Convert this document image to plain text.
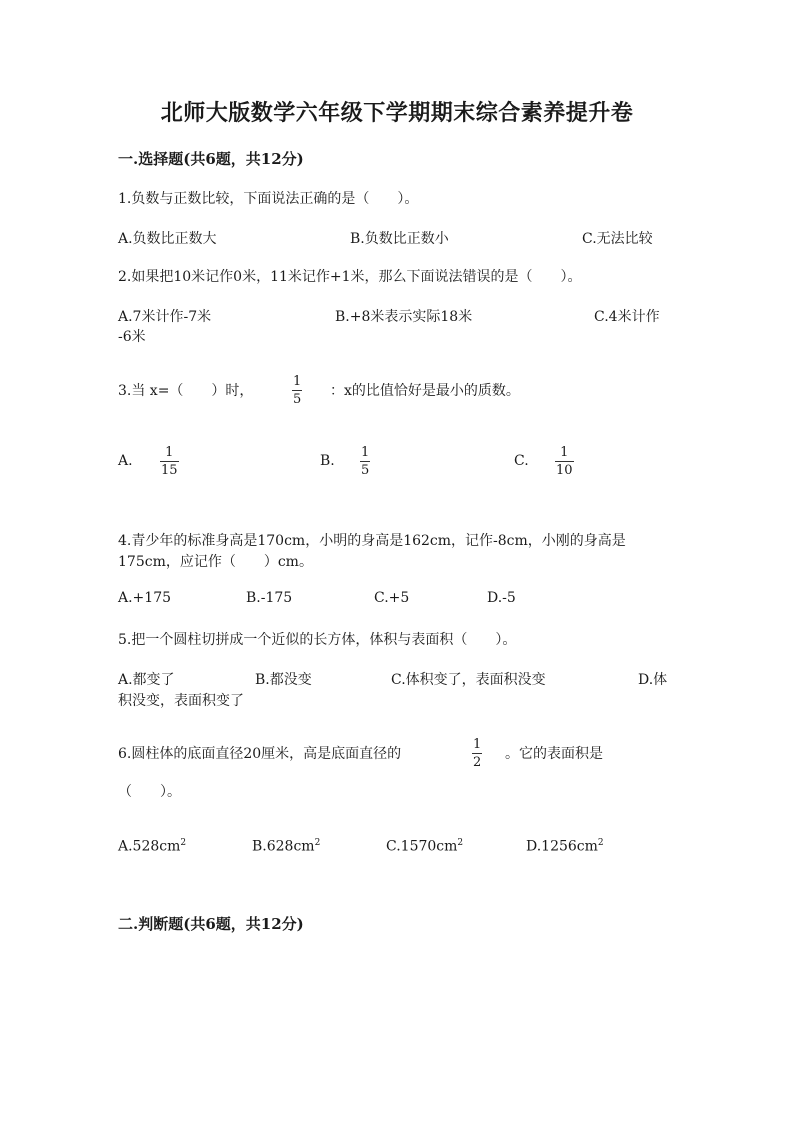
北师大版数学六年级下学期期末综合素养提升卷
一.选择题(共6题，共12分)
1.负数与正数比较，下面说法正确的是（　　）。
A.负数比正数大	B.负数比正数小	C.无法比较
2.如果把10米记作0米，11米记作+1米，那么下面说法错误的是（　　）。
A.7米计作-7米	B.+8米表示实际18米	C.4米计作
-6米
3.当 x=（　　）时，
1
5
：x的比值恰好是最小的质数。
A.
1
15
B.
1
5
C.
1
10
4.青少年的标准身高是170cm，小明的身高是162cm，记作-8cm，小刚的身高是
175cm，应记作（　　）cm。
A.+175	B.-175	C.+5	D.-5
5.把一个圆柱切拼成一个近似的长方体，体积与表面积（　　）。
A.都变了	B.都没变	C.体积变了，表面积没变	D.体
积没变，表面积变了
6.圆柱体的底面直径20厘米，高是底面直径的
1
2
。它的表面积是
（　　）。
$A.528cm^2$	$B.628cm^2$	$C.1570cm^2$	$D.1256cm^2$
二.判断题(共6题，共12分)
